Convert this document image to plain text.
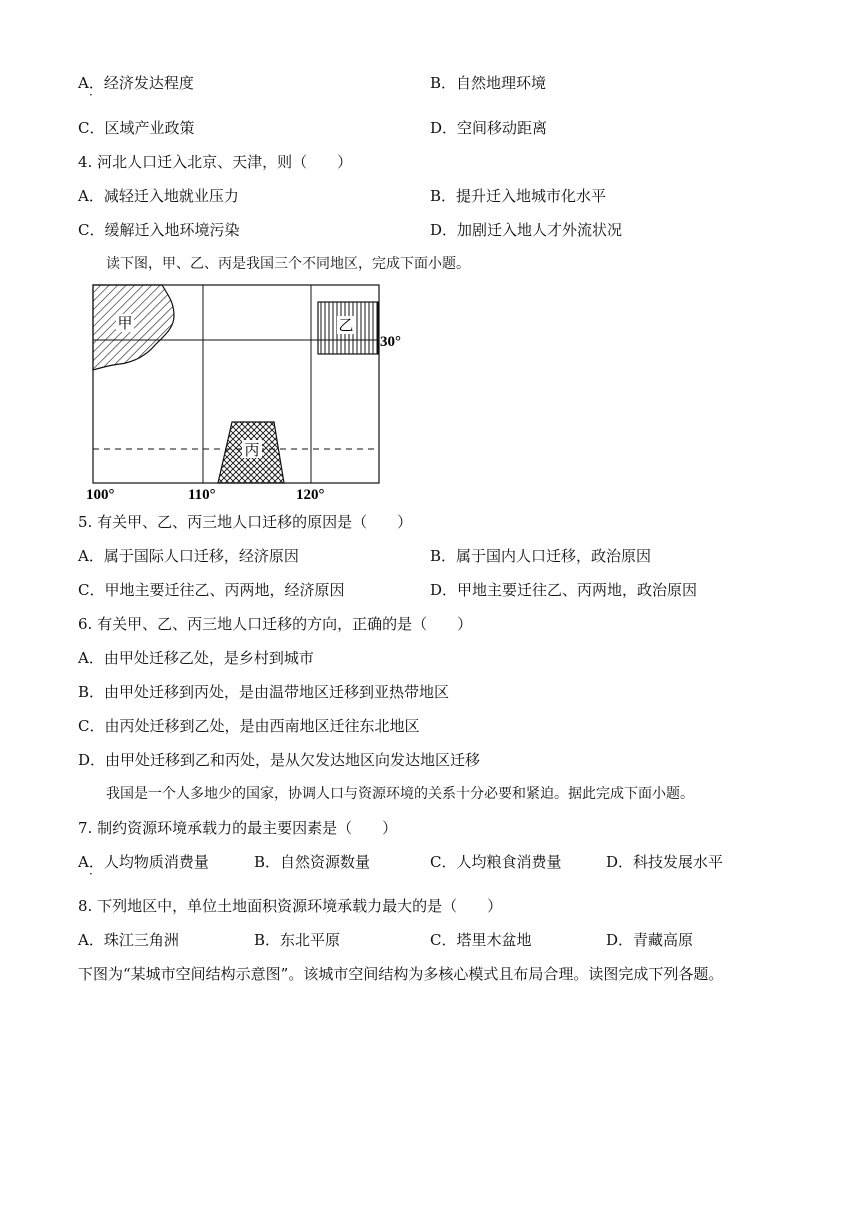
A．经济发达程度
·
B．自然地理环境
C．区域产业政策	D．空间移动距离
4. 河北人口迁入北京、天津，则（　　）
A．减轻迁入地就业压力	B．提升迁入地城市化水平
C．缓解迁入地环境污染	D．加剧迁入地人才外流状况
读下图，甲、乙、丙是我国三个不同地区，完成下面小题。
甲	乙
丙
30°
100°	110°	120°
5. 有关甲、乙、丙三地人口迁移的原因是（　　）
A．属于国际人口迁移，经济原因	B．属于国内人口迁移，政治原因
C．甲地主要迁往乙、丙两地，经济原因	D．甲地主要迁往乙、丙两地，政治原因
6. 有关甲、乙、丙三地人口迁移的方向，正确的是（　　）
A．由甲处迁移乙处，是乡村到城市
B．由甲处迁移到丙处，是由温带地区迁移到亚热带地区
C．由丙处迁移到乙处，是由西南地区迁往东北地区
D．由甲处迁移到乙和丙处，是从欠发达地区向发达地区迁移
我国是一个人多地少的国家，协调人口与资源环境的关系十分必要和紧迫。据此完成下面小题。
7. 制约资源环境承载力的最主要因素是（　　）
A．人均物质消费量
·
B．自然资源数量	C．人均粮食消费量	D．科技发展水平
8. 下列地区中，单位土地面积资源环境承载力最大的是（　　）
A．珠江三角洲	B．东北平原	C．塔里木盆地	D．青藏高原
下图为“某城市空间结构示意图”。该城市空间结构为多核心模式且布局合理。读图完成下列各题。
